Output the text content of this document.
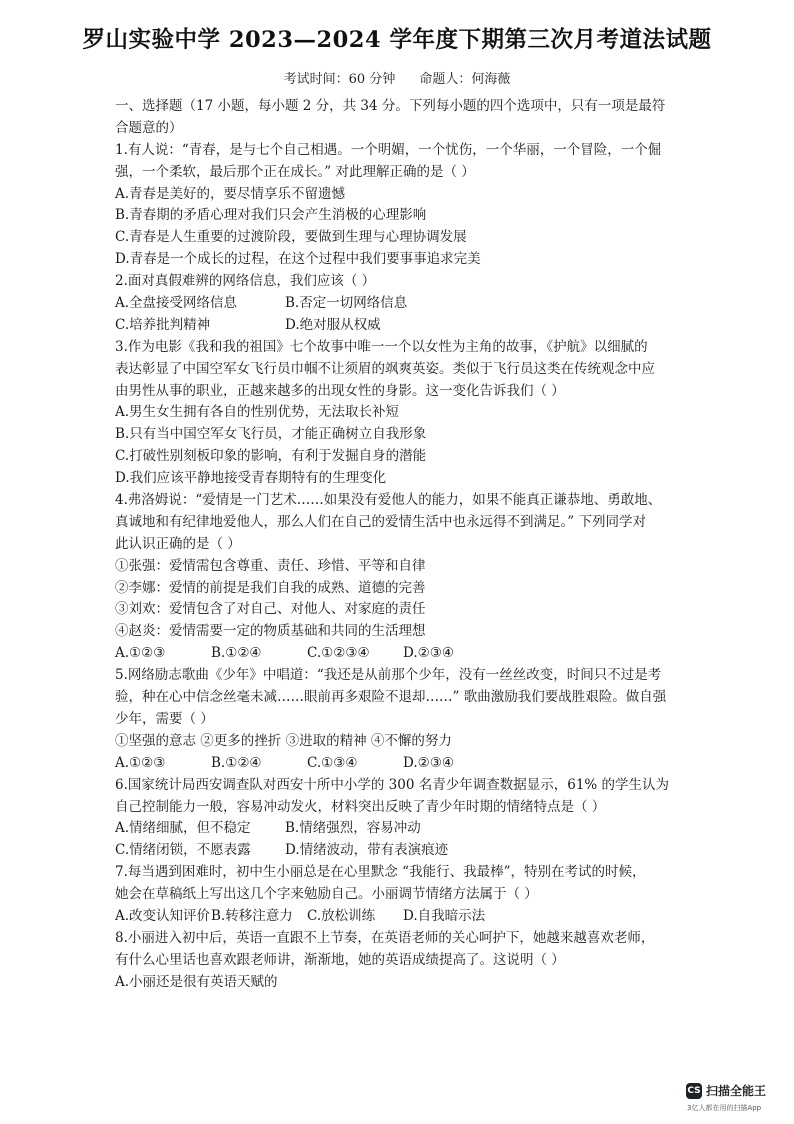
罗山实验中学 2023—2024 学年度下期第三次月考道法试题
考试时间：60 分钟 命题人：何海薇
一、选择题（17 小题，每小题 2 分，共 34 分。下列每小题的四个选项中，只有一项是最符
合题意的）
1.有人说：“青春，是与七个自己相遇。一个明媚，一个忧伤，一个华丽，一个冒险，一个倔
强，一个柔软，最后那个正在成长。” 对此理解正确的是（ ）
A.青春是美好的，要尽情享乐不留遗憾
B.青春期的矛盾心理对我们只会产生消极的心理影响
C.青春是人生重要的过渡阶段，要做到生理与心理协调发展
D.青春是一个成长的过程，在这个过程中我们要事事追求完美
2.面对真假难辨的网络信息，我们应该（ ）
A.全盘接受网络信息	B.否定一切网络信息
C.培养批判精神	D.绝对服从权威
3.作为电影《我和我的祖国》七个故事中唯一一个以女性为主角的故事，《护航》以细腻的
表达彰显了中国空军女飞行员巾帼不让须眉的飒爽英姿。类似于飞行员这类在传统观念中应
由男性从事的职业，正越来越多的出现女性的身影。这一变化告诉我们（ ）
A.男生女生拥有各自的性别优势，无法取长补短
B.只有当中国空军女飞行员，才能正确树立自我形象
C.打破性别刻板印象的影响，有利于发掘自身的潜能
D.我们应该平静地接受青春期特有的生理变化
4.弗洛姆说：“爱情是一门艺术……如果没有爱他人的能力，如果不能真正谦恭地、勇敢地、
真诚地和有纪律地爱他人，那么人们在自己的爱情生活中也永远得不到满足。” 下列同学对
此认识正确的是（ ）
①张强：爱情需包含尊重、责任、珍惜、平等和自律
②李娜：爱情的前提是我们自我的成熟、道德的完善
③刘欢：爱情包含了对自己、对他人、对家庭的责任
④赵炎：爱情需要一定的物质基础和共同的生活理想
A.①②③	B.①②④	C.①②③④	D.②③④
5.网络励志歌曲《少年》中唱道：“我还是从前那个少年，没有一丝丝改变，时间只不过是考
验，种在心中信念丝毫未减……眼前再多艰险不退却……” 歌曲激励我们要战胜艰险。做自强
少年，需要（ ）
①坚强的意志 ②更多的挫折 ③进取的精神 ④不懈的努力
A.①②③	B.①②④	C.①③④	D.②③④
6.国家统计局西安调查队对西安十所中小学的 300 名青少年调查数据显示，61% 的学生认为
自己控制能力一般，容易冲动发火，材料突出反映了青少年时期的情绪特点是（ ）
A.情绪细腻，但不稳定	B.情绪强烈，容易冲动
C.情绪闭锁，不愿表露	D.情绪波动，带有表演痕迹
7.每当遇到困难时，初中生小丽总是在心里默念 “我能行、我最棒”，特别在考试的时候，
她会在草稿纸上写出这几个字来勉励自己。小丽调节情绪方法属于（ ）
A.改变认知评价 B.转移注意力	C.放松训练	D.自我暗示法
8.小丽进入初中后，英语一直跟不上节奏，在英语老师的关心呵护下，她越来越喜欢老师，
有什么心里话也喜欢跟老师讲，渐渐地，她的英语成绩提高了。这说明（ ）
A.小丽还是很有英语天赋的
CS 扫描全能王
3亿人都在用的扫描App
